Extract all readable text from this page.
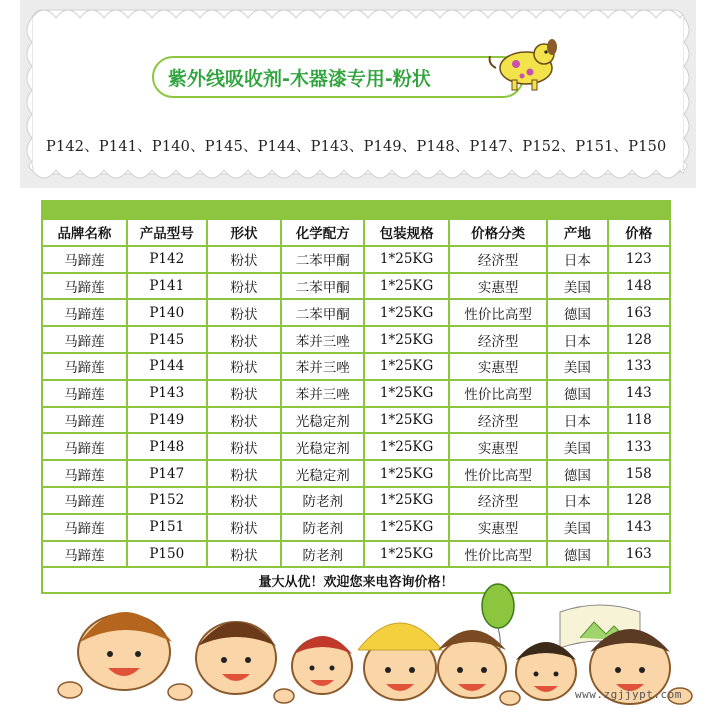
紫外线吸收剂-木器漆专用-粉状
P142、P141、P140、P145、P144、P143、P149、P148、P147、P152、P151、P150
品牌名称	产品型号	形状	化学配方	包装规格	价格分类	产地	价格
马蹄莲	P142	粉状	二苯甲酮	1*25KG	经济型	日本	123
马蹄莲	P141	粉状	二苯甲酮	1*25KG	实惠型	美国	148
马蹄莲	P140	粉状	二苯甲酮	1*25KG	性价比高型	德国	163
马蹄莲	P145	粉状	苯并三唑	1*25KG	经济型	日本	128
马蹄莲	P144	粉状	苯并三唑	1*25KG	实惠型	美国	133
马蹄莲	P143	粉状	苯并三唑	1*25KG	性价比高型	德国	143
马蹄莲	P149	粉状	光稳定剂	1*25KG	经济型	日本	118
马蹄莲	P148	粉状	光稳定剂	1*25KG	实惠型	美国	133
马蹄莲	P147	粉状	光稳定剂	1*25KG	性价比高型	德国	158
马蹄莲	P152	粉状	防老剂	1*25KG	经济型	日本	128
马蹄莲	P151	粉状	防老剂	1*25KG	实惠型	美国	143
马蹄莲	P150	粉状	防老剂	1*25KG	性价比高型	德国	163
量大从优！欢迎您来电咨询价格！							
www.zgjjypt.com
